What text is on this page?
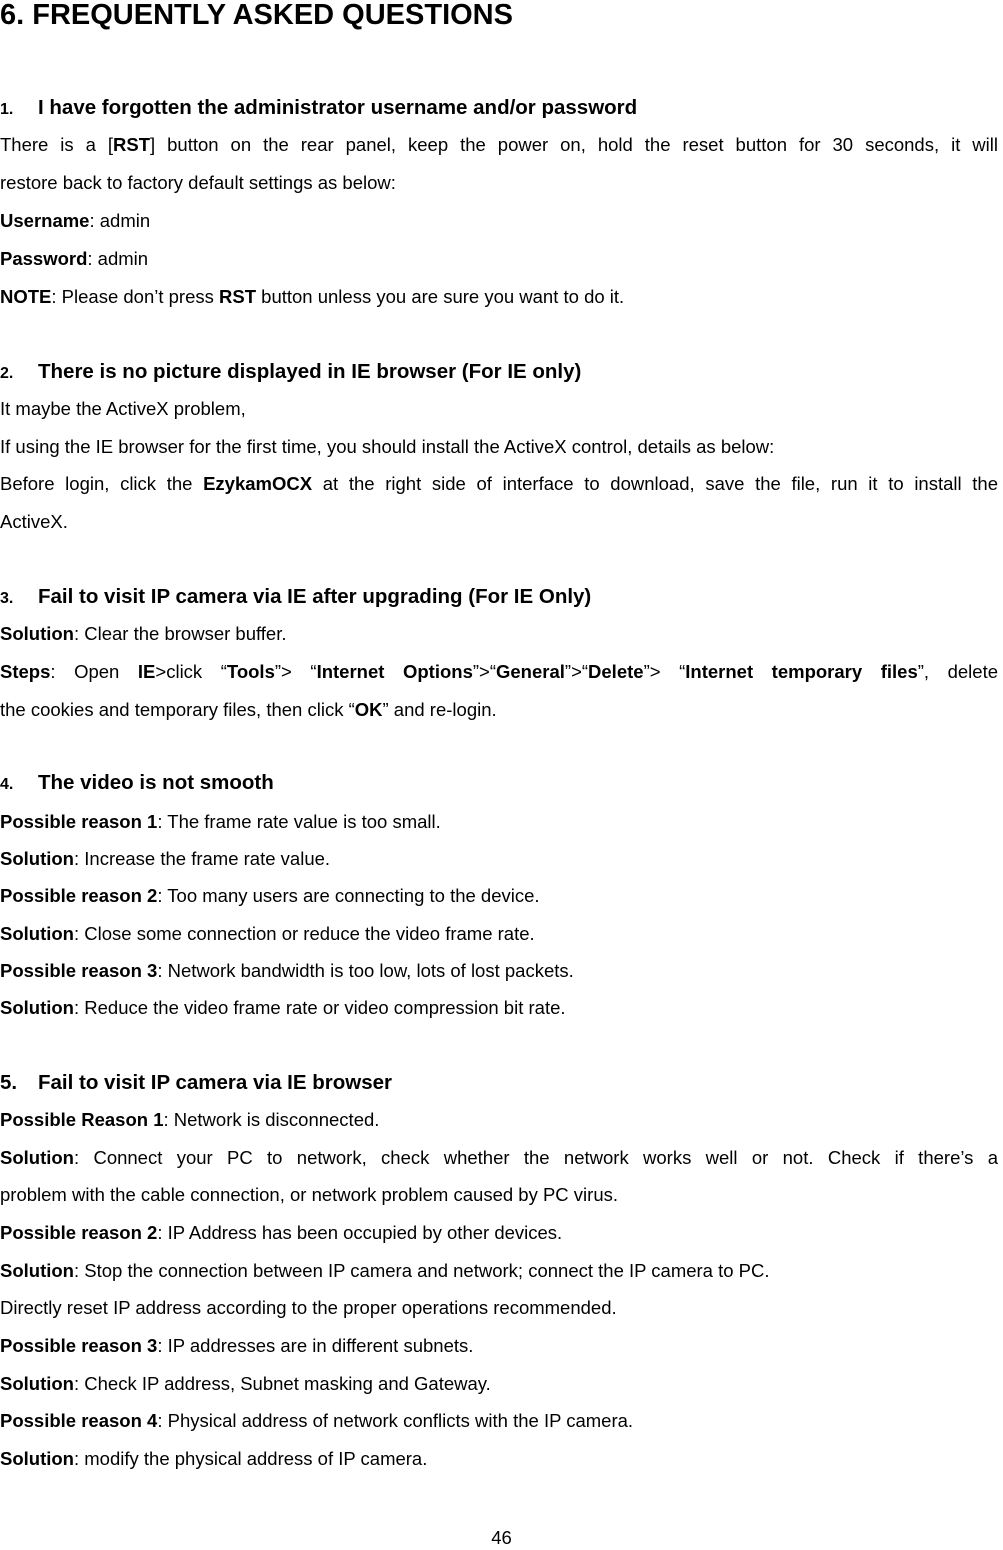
6. FREQUENTLY ASKED QUESTIONS
1. I have forgotten the administrator username and/or password
There is a [RST] button on the rear panel, keep the power on, hold the reset button for 30 seconds, it will
restore back to factory default settings as below:
Username: admin
Password: admin
NOTE: Please don’t press RST button unless you are sure you want to do it.
2. There is no picture displayed in IE browser (For IE only)
It maybe the ActiveX problem,
If using the IE browser for the first time, you should install the ActiveX control, details as below:
Before login, click the EzykamOCX at the right side of interface to download, save the file, run it to install the
ActiveX.
3. Fail to visit IP camera via IE after upgrading (For IE Only)
Solution: Clear the browser buffer.
Steps: Open IE>click “Tools”> “Internet Options”>“General”>“Delete”> “Internet temporary files”, delete
the cookies and temporary files, then click “OK” and re-login.
4. The video is not smooth
Possible reason 1: The frame rate value is too small.
Solution: Increase the frame rate value.
Possible reason 2: Too many users are connecting to the device.
Solution: Close some connection or reduce the video frame rate.
Possible reason 3: Network bandwidth is too low, lots of lost packets.
Solution: Reduce the video frame rate or video compression bit rate.
5. Fail to visit IP camera via IE browser
Possible Reason 1: Network is disconnected.
Solution: Connect your PC to network, check whether the network works well or not. Check if there’s a
problem with the cable connection, or network problem caused by PC virus.
Possible reason 2: IP Address has been occupied by other devices.
Solution: Stop the connection between IP camera and network; connect the IP camera to PC.
Directly reset IP address according to the proper operations recommended.
Possible reason 3: IP addresses are in different subnets.
Solution: Check IP address, Subnet masking and Gateway.
Possible reason 4: Physical address of network conflicts with the IP camera.
Solution: modify the physical address of IP camera.
46
